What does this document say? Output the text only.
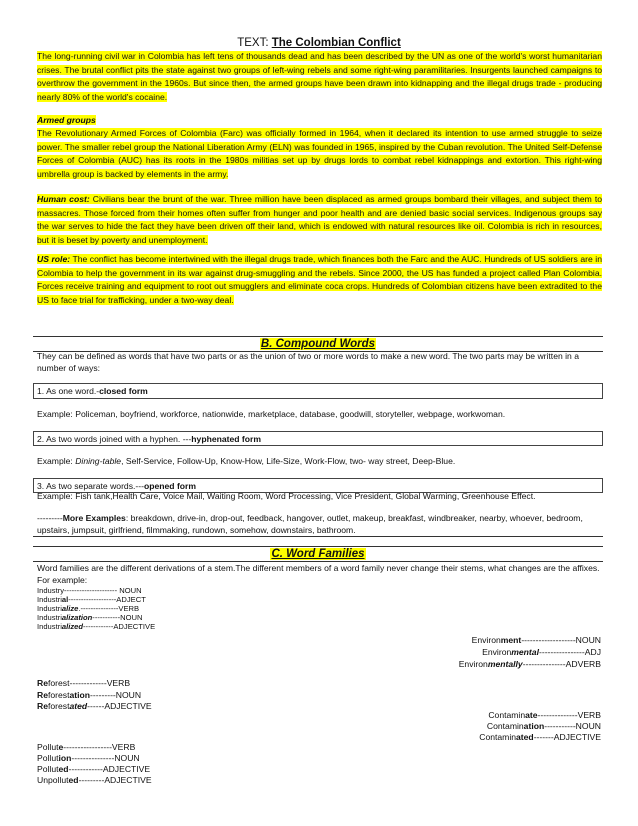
TEXT: The Colombian Conflict

The long-running civil war in Colombia has left tens of thousands dead and has been described by the UN as one of the world's worst humanitarian crises. The brutal conflict pits the state against two groups of left-wing rebels and some right-wing paramilitaries. Insurgents launched campaigns to overthrow the government in the 1960s. But since then, the armed groups have been drawn into kidnapping and the illegal drugs trade - producing nearly 80% of the world's cocaine.

Armed groups

The Revolutionary Armed Forces of Colombia (Farc) was officially formed in 1964, when it declared its intention to use armed struggle to seize power. The smaller rebel group the National Liberation Army (ELN) was founded in 1965, inspired by the Cuban revolution. The United Self-Defense Forces of Colombia (AUC) has its roots in the 1980s militias set up by drugs lords to combat rebel kidnappings and extortion. This right-wing umbrella group is backed by elements in the army.

Human cost: Civilians bear the brunt of the war. Three million have been displaced as armed groups bombard their villages, and subject them to massacres. Those forced from their homes often suffer from hunger and poor health and are denied basic social services. Indigenous groups say the war serves to hide the fact they have been driven off their land, which is endowed with natural resources like oil. Colombia is rich in resources, but it is beset by poverty and unemployment.

US role: The conflict has become intertwined with the illegal drugs trade, which finances both the Farc and the AUC. Hundreds of US soldiers are in Colombia to help the government in its war against drug-smuggling and the rebels. Since 2000, the US has funded a project called Plan Colombia. Forces receive training and equipment to root out smugglers and eliminate coca crops. Hundreds of Colombian citizens have been extradited to the US to face trial for trafficking, under a two-way deal.

B. Compound Words

They can be defined as words that have two parts or as the union of two or more words to make a new word. The two parts may be written in a number of ways:

1. As one word.-closed form

Example: Policeman, boyfriend, workforce, nationwide, marketplace, database, goodwill, storyteller, webpage, workwoman.

2. As two words joined with a hyphen. ---hyphenated form

Example: Dining-table, Self-Service, Follow-Up, Know-How, Life-Size, Work-Flow, two- way street, Deep-Blue.

3. As two separate words.---opened form

Example: Fish tank,Health Care, Voice Mail, Waiting Room, Word Processing, Vice President, Global Warming, Greenhouse Effect.

---------More Examples: breakdown, drive-in, drop-out, feedback, hangover, outlet, makeup, breakfast, windbreaker, nearby, whoever, bedroom, upstairs, jumpsuit, girlfriend, filmmaking, rundown, somehow, downstairs, bathroom.

C. Word Families

Word families are the different derivations of a stem.The different members of a word family never change their stems, what changes are the affixes. For example:

Industry--------------------- NOUN
Industrial-------------------ADJECT
Industrialize.---------------VERB
Industrialization-----------NOUN
Industrialized------------ADJECTIVE
Environment-------------------NOUN
Environmental----------------ADJ
Environmentally---------------ADVERB
Reforest-------------VERB
Reforestation---------NOUN
Reforestated------ADJECTIVE
Contaminate--------------VERB
Contamination-----------NOUN
Contaminated-------ADJECTIVE
Pollute-----------------VERB
Pollution---------------NOUN
Polluted------------ADJECTIVE
Unpolluted---------ADJECTIVE
